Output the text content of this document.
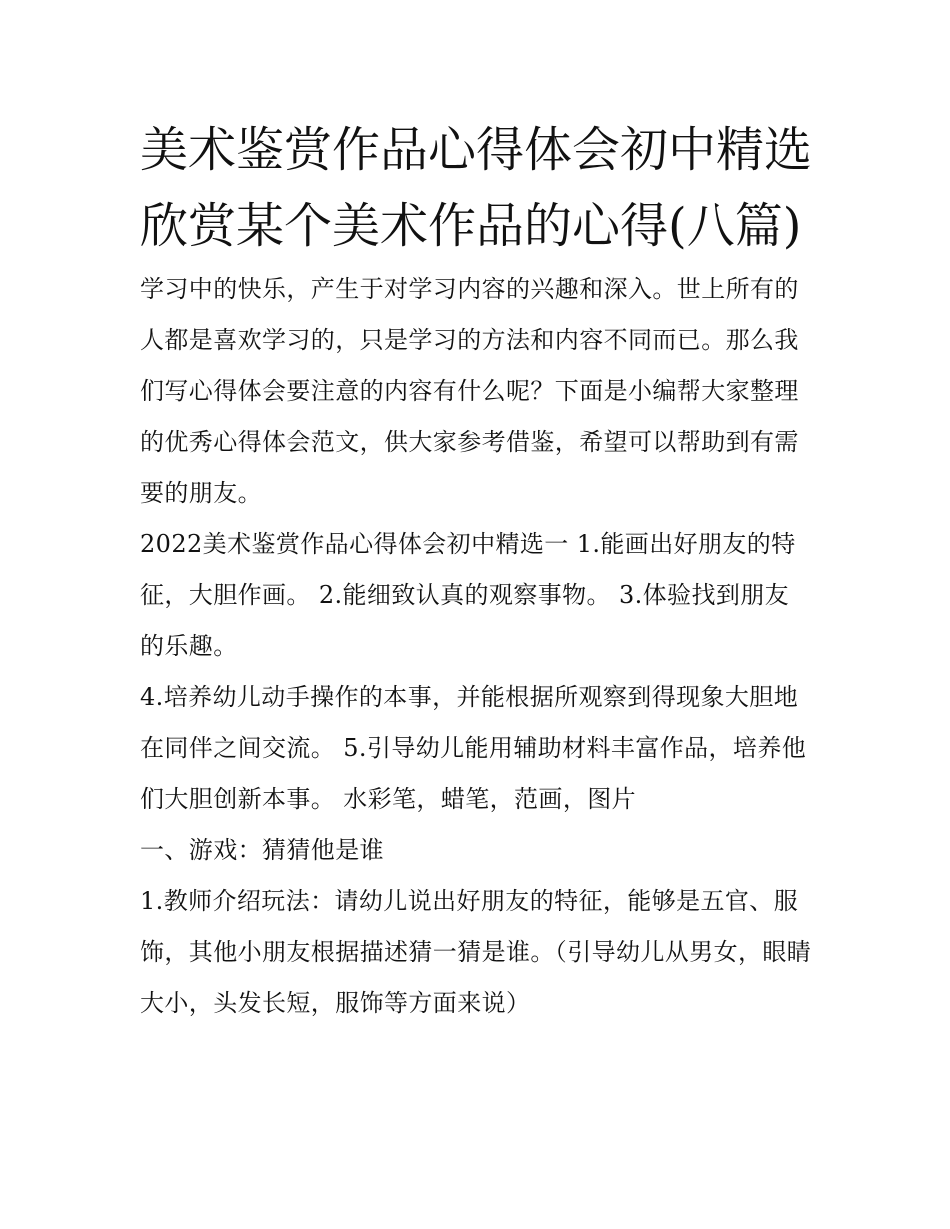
美术鉴赏作品心得体会初中精选 欣赏某个美术作品的心得(八篇)

学习中的快乐，产生于对学习内容的兴趣和深入。世上所有的人都是喜欢学习的，只是学习的方法和内容不同而已。那么我们写心得体会要注意的内容有什么呢？下面是小编帮大家整理的优秀心得体会范文，供大家参考借鉴，希望可以帮助到有需要的朋友。

2022美术鉴赏作品心得体会初中精选一 1.能画出好朋友的特征，大胆作画。 2.能细致认真的观察事物。 3.体验找到朋友的乐趣。

4.培养幼儿动手操作的本事，并能根据所观察到得现象大胆地在同伴之间交流。 5.引导幼儿能用辅助材料丰富作品，培养他们大胆创新本事。 水彩笔，蜡笔，范画，图片

一、游戏：猜猜他是谁

1.教师介绍玩法：请幼儿说出好朋友的特征，能够是五官、服饰，其他小朋友根据描述猜一猜是谁。（引导幼儿从男女，眼睛大小，头发长短，服饰等方面来说）
